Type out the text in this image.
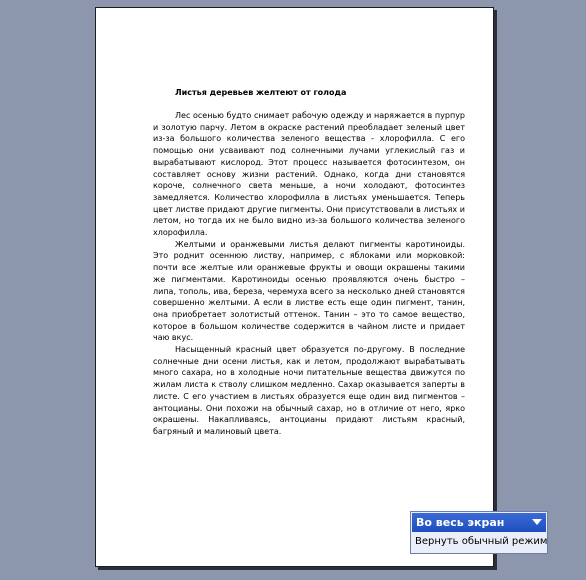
Листья деревьев желтеют от голода

Лес осенью будто снимает рабочую одежду и наряжается в пурпур и золотую парчу. Летом в окраске растений преобладает зеленый цвет из-за большого количества зеленого вещества - хлорофилла. С его помощью они усваивают под солнечными лучами углекислый газ и вырабатывают кислород. Этот процесс называется фотосинтезом, он составляет основу жизни растений. Однако, когда дни становятся короче, солнечного света меньше, а ночи холодают, фотосинтез замедляется. Количество хлорофилла в листьях уменьшается. Теперь цвет листве придают другие пигменты. Они присутствовали в листьях и летом, но тогда их не было видно из-за большого количества зеленого хлорофилла.

Желтыми и оранжевыми листья делают пигменты каротиноиды. Это роднит осеннюю листву, например, с яблоками или морковкой: почти все желтые или оранжевые фрукты и овощи окрашены такими же пигментами. Каротиноиды осенью проявляются очень быстро – липа, тополь, ива, береза, черемуха всего за несколько дней становятся совершенно желтыми. А если в листве есть еще один пигмент, танин, она приобретает золотистый оттенок. Танин – это то самое вещество, которое в большом количестве содержится в чайном листе и придает чаю вкус.

Насыщенный красный цвет образуется по-другому. В последние солнечные дни осени листья, как и летом, продолжают вырабатывать много сахара, но в холодные ночи питательные вещества движутся по жилам листа к стволу слишком медленно. Сахар оказывается заперты в листе. С его участием в листьях образуется еще один вид пигментов – антоцианы. Они похожи на обычный сахар, но в отличие от него, ярко окрашены. Накапливаясь, антоцианы придают листьям красный, багряный и малиновый цвета.

Во весь экран
Вернуть обычный режим
